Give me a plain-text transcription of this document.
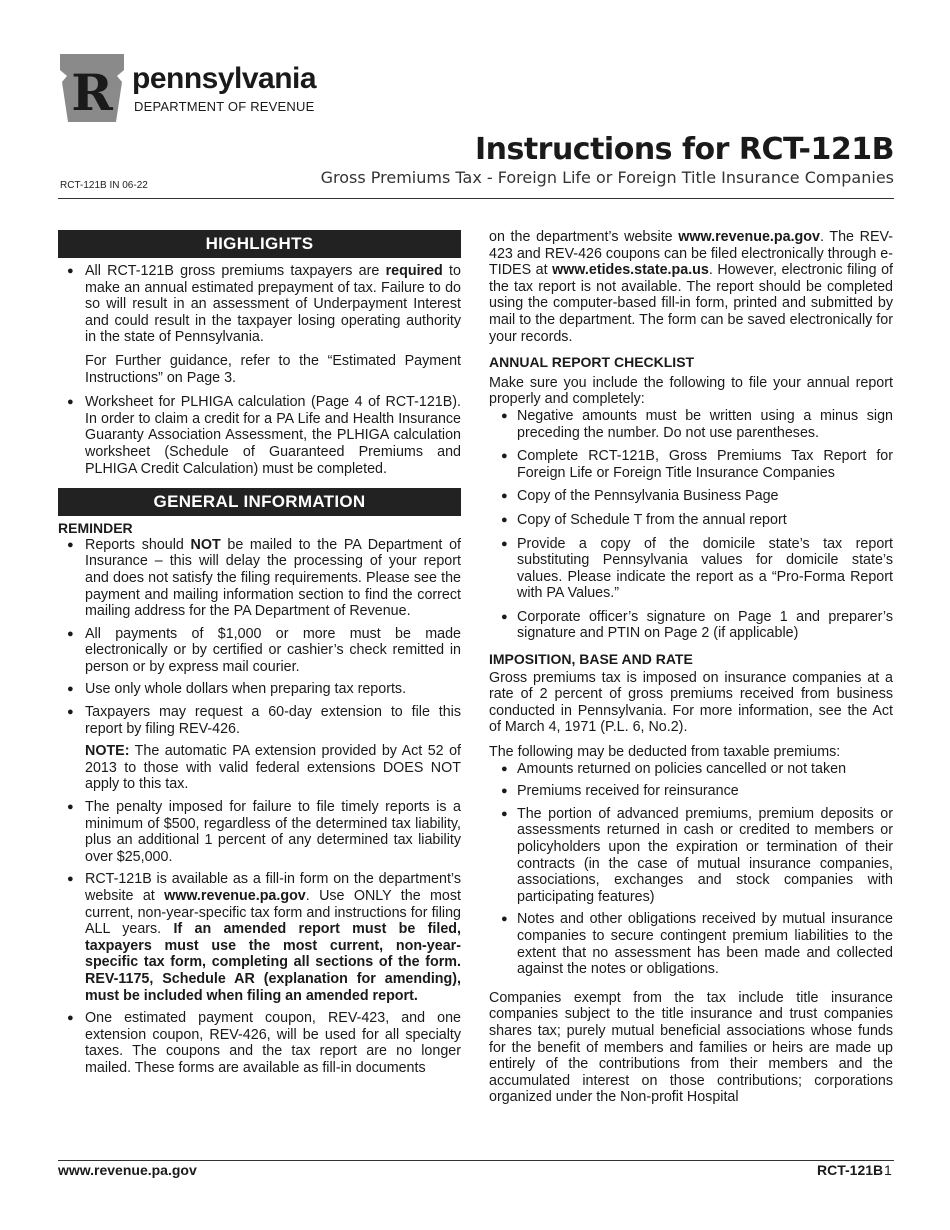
R pennsylvania
DEPARTMENT OF REVENUE
Instructions for RCT-121B
Gross Premiums Tax - Foreign Life or Foreign Title Insurance Companies
RCT-121B IN 06-22
HIGHLIGHTS
● All RCT-121B gross premiums taxpayers are required to make an annual estimated prepayment of tax. Failure to do so will result in an assessment of Underpayment Interest and could result in the taxpayer losing operating authority in the state of Pennsylvania.

For Further guidance, refer to the “Estimated Payment Instructions” on Page 3.

● Worksheet for PLHIGA calculation (Page 4 of RCT-121B). In order to claim a credit for a PA Life and Health Insurance Guaranty Association Assessment, the PLHIGA calculation worksheet (Schedule of Guaranteed Premiums and PLHIGA Credit Calculation) must be completed.
GENERAL INFORMATION
REMINDER
● Reports should NOT be mailed to the PA Department of Insurance – this will delay the processing of your report and does not satisfy the filing requirements. Please see the payment and mailing information section to find the correct mailing address for the PA Department of Revenue.
● All payments of $1,000 or more must be made electronically or by certified or cashier’s check remitted in person or by express mail courier.
● Use only whole dollars when preparing tax reports.
● Taxpayers may request a 60-day extension to file this report by filing REV-426.

NOTE: The automatic PA extension provided by Act 52 of 2013 to those with valid federal extensions DOES NOT apply to this tax.

● The penalty imposed for failure to file timely reports is a minimum of $500, regardless of the determined tax liability, plus an additional 1 percent of any determined tax liability over $25,000.
● RCT-121B is available as a fill-in form on the department’s website at www.revenue.pa.gov. Use ONLY the most current, non-year-specific tax form and instructions for filing ALL years. If an amended report must be filed, taxpayers must use the most current, non-year-specific tax form, completing all sections of the form. REV-1175, Schedule AR (explanation for amending), must be included when filing an amended report.
● One estimated payment coupon, REV-423, and one extension coupon, REV-426, will be used for all specialty taxes. The coupons and the tax report are no longer mailed. These forms are available as fill-in documents

on the department’s website www.revenue.pa.gov. The REV-423 and REV-426 coupons can be filed electronically through e-TIDES at www.etides.state.pa.us. However, electronic filing of the tax report is not available. The report should be completed using the computer-based fill-in form, printed and submitted by mail to the department. The form can be saved electronically for your records.

ANNUAL REPORT CHECKLIST

Make sure you include the following to file your annual report properly and completely:

● Negative amounts must be written using a minus sign preceding the number. Do not use parentheses.
● Complete RCT-121B, Gross Premiums Tax Report for Foreign Life or Foreign Title Insurance Companies
● Copy of the Pennsylvania Business Page
● Copy of Schedule T from the annual report
● Provide a copy of the domicile state’s tax report substituting Pennsylvania values for domicile state’s values. Please indicate the report as a “Pro-Forma Report with PA Values.”
● Corporate officer’s signature on Page 1 and preparer’s signature and PTIN on Page 2 (if applicable)
IMPOSITION, BASE AND RATE

Gross premiums tax is imposed on insurance companies at a rate of 2 percent of gross premiums received from business conducted in Pennsylvania. For more information, see the Act of March 4, 1971 (P.L. 6, No.2).

The following may be deducted from taxable premiums:

● Amounts returned on policies cancelled or not taken
● Premiums received for reinsurance
● The portion of advanced premiums, premium deposits or assessments returned in cash or credited to members or policyholders upon the expiration or termination of their contracts (in the case of mutual insurance companies, associations, exchanges and stock companies with participating features)
● Notes and other obligations received by mutual insurance companies to secure contingent premium liabilities to the extent that no assessment has been made and collected against the notes or obligations.

Companies exempt from the tax include title insurance companies subject to the title insurance and trust companies shares tax; purely mutual beneficial associations whose funds for the benefit of members and families or heirs are made up entirely of the contributions from their members and the accumulated interest on those contributions; corporations organized under the Non-profit Hospital

www.revenue.pa.gov	RCT-121B 1
